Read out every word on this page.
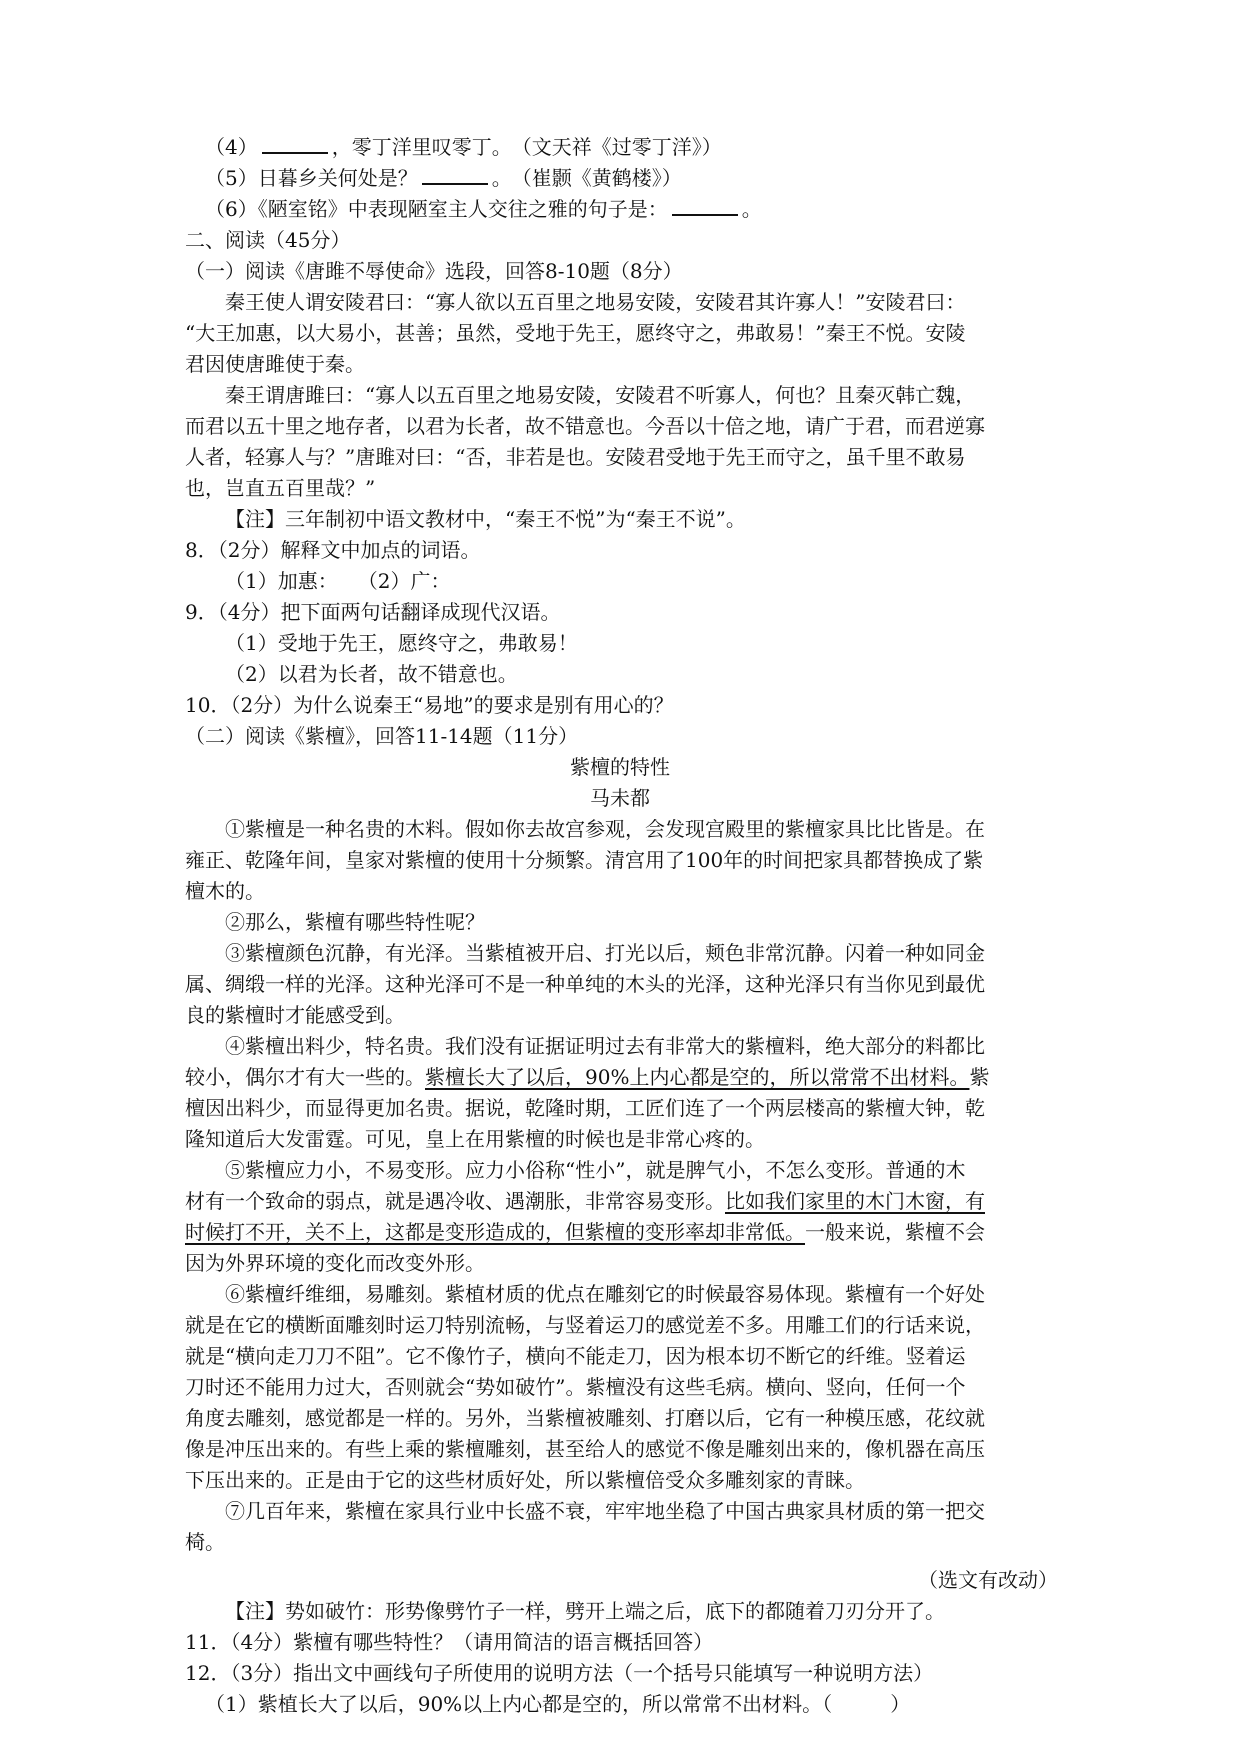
（4）	，零丁洋里叹零丁。　（文天祥《过零丁洋》）
（5）日暮乡关何处是？	。　（崔颢《黄鹤楼》）
（6）《陋室铭》中表现陋室主人交往之雅的句子是：	。
二、阅读（45分）
（一）阅读《唐雎不辱使命》选段，回答8-10题（8分）
秦王使人谓安陵君曰：“寡人欲以五百里之地易安陵，安陵君其许寡人！”安陵君曰：
“大王加惠，以大易小，甚善；虽然，受地于先王，愿终守之，弗敢易！”秦王不悦。安陵
君因使唐雎使于秦。
秦王谓唐雎曰：“寡人以五百里之地易安陵，安陵君不听寡人，何也？且秦灭韩亡魏，
而君以五十里之地存者，以君为长者，故不错意也。今吾以十倍之地，请广于君，而君逆寡
人者，轻寡人与？”唐雎对曰：“否，非若是也。安陵君受地于先王而守之，虽千里不敢易
也，岂直五百里哉？”
【注】三年制初中语文教材中，“秦王不悦”为“秦王不说”。
8．（2分）解释文中加点的词语。
（1）加惠：　　（2）广：
9．（4分）把下面两句话翻译成现代汉语。
（1）受地于先王，愿终守之，弗敢易！
（2）以君为长者，故不错意也。
10．（2分）为什么说秦王“易地”的要求是别有用心的？
（二）阅读《紫檀》，回答11-14题（11分）
紫檀的特性
马未都
①紫檀是一种名贵的木料。假如你去故宫参观，会发现宫殿里的紫檀家具比比皆是。在
雍正、乾隆年间，皇家对紫檀的使用十分频繁。清宫用了100年的时间把家具都替换成了紫
檀木的。
②那么，紫檀有哪些特性呢？
③紫檀颜色沉静，有光泽。当紫植被开启、打光以后，颊色非常沉静。闪着一种如同金
属、绸缎一样的光泽。这种光泽可不是一种单纯的木头的光泽，这种光泽只有当你见到最优
良的紫檀时才能感受到。
④紫檀出料少，特名贵。我们没有证据证明过去有非常大的紫檀料，绝大部分的料都比
较小，偶尔才有大一些的。紫檀长大了以后，90%上内心都是空的，所以常常不出材料。紫
檀因出料少，而显得更加名贵。据说，乾隆时期，工匠们连了一个两层楼高的紫檀大钟，乾
隆知道后大发雷霆。可见，皇上在用紫檀的时候也是非常心疼的。
⑤紫檀应力小，不易变形。应力小俗称“性小”，就是脾气小，不怎么变形。普通的木
材有一个致命的弱点，就是遇冷收、遇潮胀，非常容易变形。比如我们家里的木门木窗，有
时候打不开，关不上，这都是变形造成的，但紫檀的变形率却非常低。一般来说，紫檀不会
因为外界环境的变化而改变外形。
⑥紫檀纤维细，易雕刻。紫植材质的优点在雕刻它的时候最容易体现。紫檀有一个好处
就是在它的横断面雕刻时运刀特别流畅，与竖着运刀的感觉差不多。用雕工们的行话来说，
就是“横向走刀刀不阻”。它不像竹子，横向不能走刀，因为根本切不断它的纤维。竖着运
刀时还不能用力过大，否则就会“势如破竹”。紫檀没有这些毛病。横向、竖向，任何一个
角度去雕刻，感觉都是一样的。另外，当紫檀被雕刻、打磨以后，它有一种模压感，花纹就
像是冲压出来的。有些上乘的紫檀雕刻，甚至给人的感觉不像是雕刻出来的，像机器在高压
下压出来的。正是由于它的这些材质好处，所以紫檀倍受众多雕刻家的青睐。
⑦几百年来，紫檀在家具行业中长盛不衰，牢牢地坐稳了中国古典家具材质的第一把交
椅。
（选文有改动）
【注】势如破竹：形势像劈竹子一样，劈开上端之后，底下的都随着刀刃分开了。
11．（4分）紫檀有哪些特性？（请用简洁的语言概括回答）
12．（3分）指出文中画线句子所使用的说明方法（一个括号只能填写一种说明方法）
（1）紫植长大了以后，90%以上内心都是空的，所以常常不出材料。（	）
